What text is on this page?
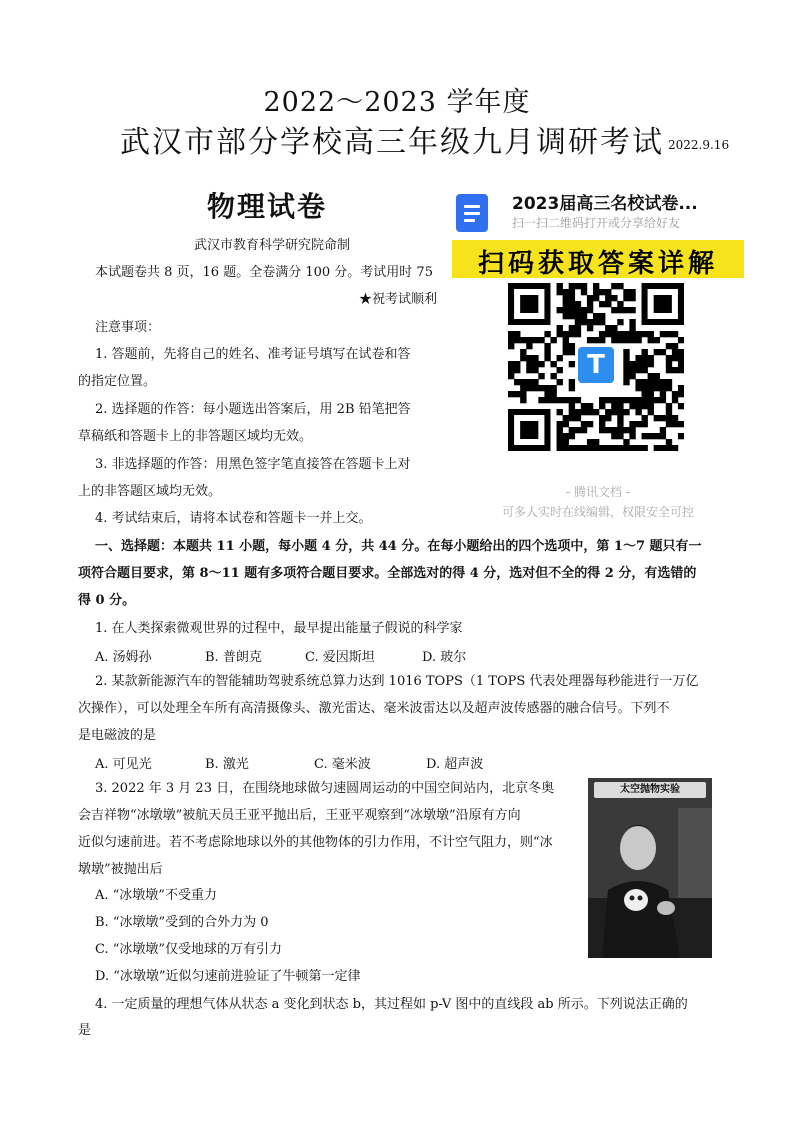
2022～2023 学年度
武汉市部分学校高三年级九月调研考试 2022.9.16
物理试卷
武汉市教育科学研究院命制
本试题卷共 8 页，16 题。全卷满分 100 分。考试用时 75
★祝考试顺利
注意事项：
1. 答题前，先将自己的姓名、准考证号填写在试卷和答
的指定位置。
2. 选择题的作答：每小题选出答案后，用 2B 铅笔把答
草稿纸和答题卡上的非答题区域均无效。
3. 非选择题的作答：用黑色签字笔直接答在答题卡上对
上的非答题区域均无效。
4. 考试结束后，请将本试卷和答题卡一并上交。
一、选择题：本题共 11 小题，每小题 4 分，共 44 分。在每小题给出的四个选项中，第 1～7 题只有一
项符合题目要求，第 8～11 题有多项符合题目要求。全部选对的得 4 分，选对但不全的得 2 分，有选错的
得 0 分。
1. 在人类探索微观世界的过程中，最早提出能量子假说的科学家
A. 汤姆孙	B. 普朗克	C. 爱因斯坦	D. 玻尔
2. 某款新能源汽车的智能辅助驾驶系统总算力达到 1016 TOPS（1 TOPS 代表处理器每秒能进行一万亿
次操作），可以处理全车所有高清摄像头、激光雷达、毫米波雷达以及超声波传感器的融合信号。下列不
是电磁波的是
A. 可见光	B. 激光	C. 毫米波	D. 超声波
3. 2022 年 3 月 23 日，在围绕地球做匀速圆周运动的中国空间站内，北京冬奥
会吉祥物“冰墩墩”被航天员王亚平抛出后，王亚平观察到“冰墩墩”沿原有方向
近似匀速前进。若不考虑除地球以外的其他物体的引力作用，不计空气阻力，则“冰
墩墩”被抛出后
A. “冰墩墩”不受重力
B. “冰墩墩”受到的合外力为 0
C. “冰墩墩”仅受地球的万有引力
D. “冰墩墩”近似匀速前进验证了牛顿第一定律
太空抛物实验
4. 一定质量的理想气体从状态 a 变化到状态 b，其过程如 p-V 图中的直线段 ab 所示。下列说法正确的
是
2023届高三名校试卷...
扫一扫二维码打开或分享给好友
扫码获取答案详解
T
- 腾讯文档 -
可多人实时在线编辑，权限安全可控
